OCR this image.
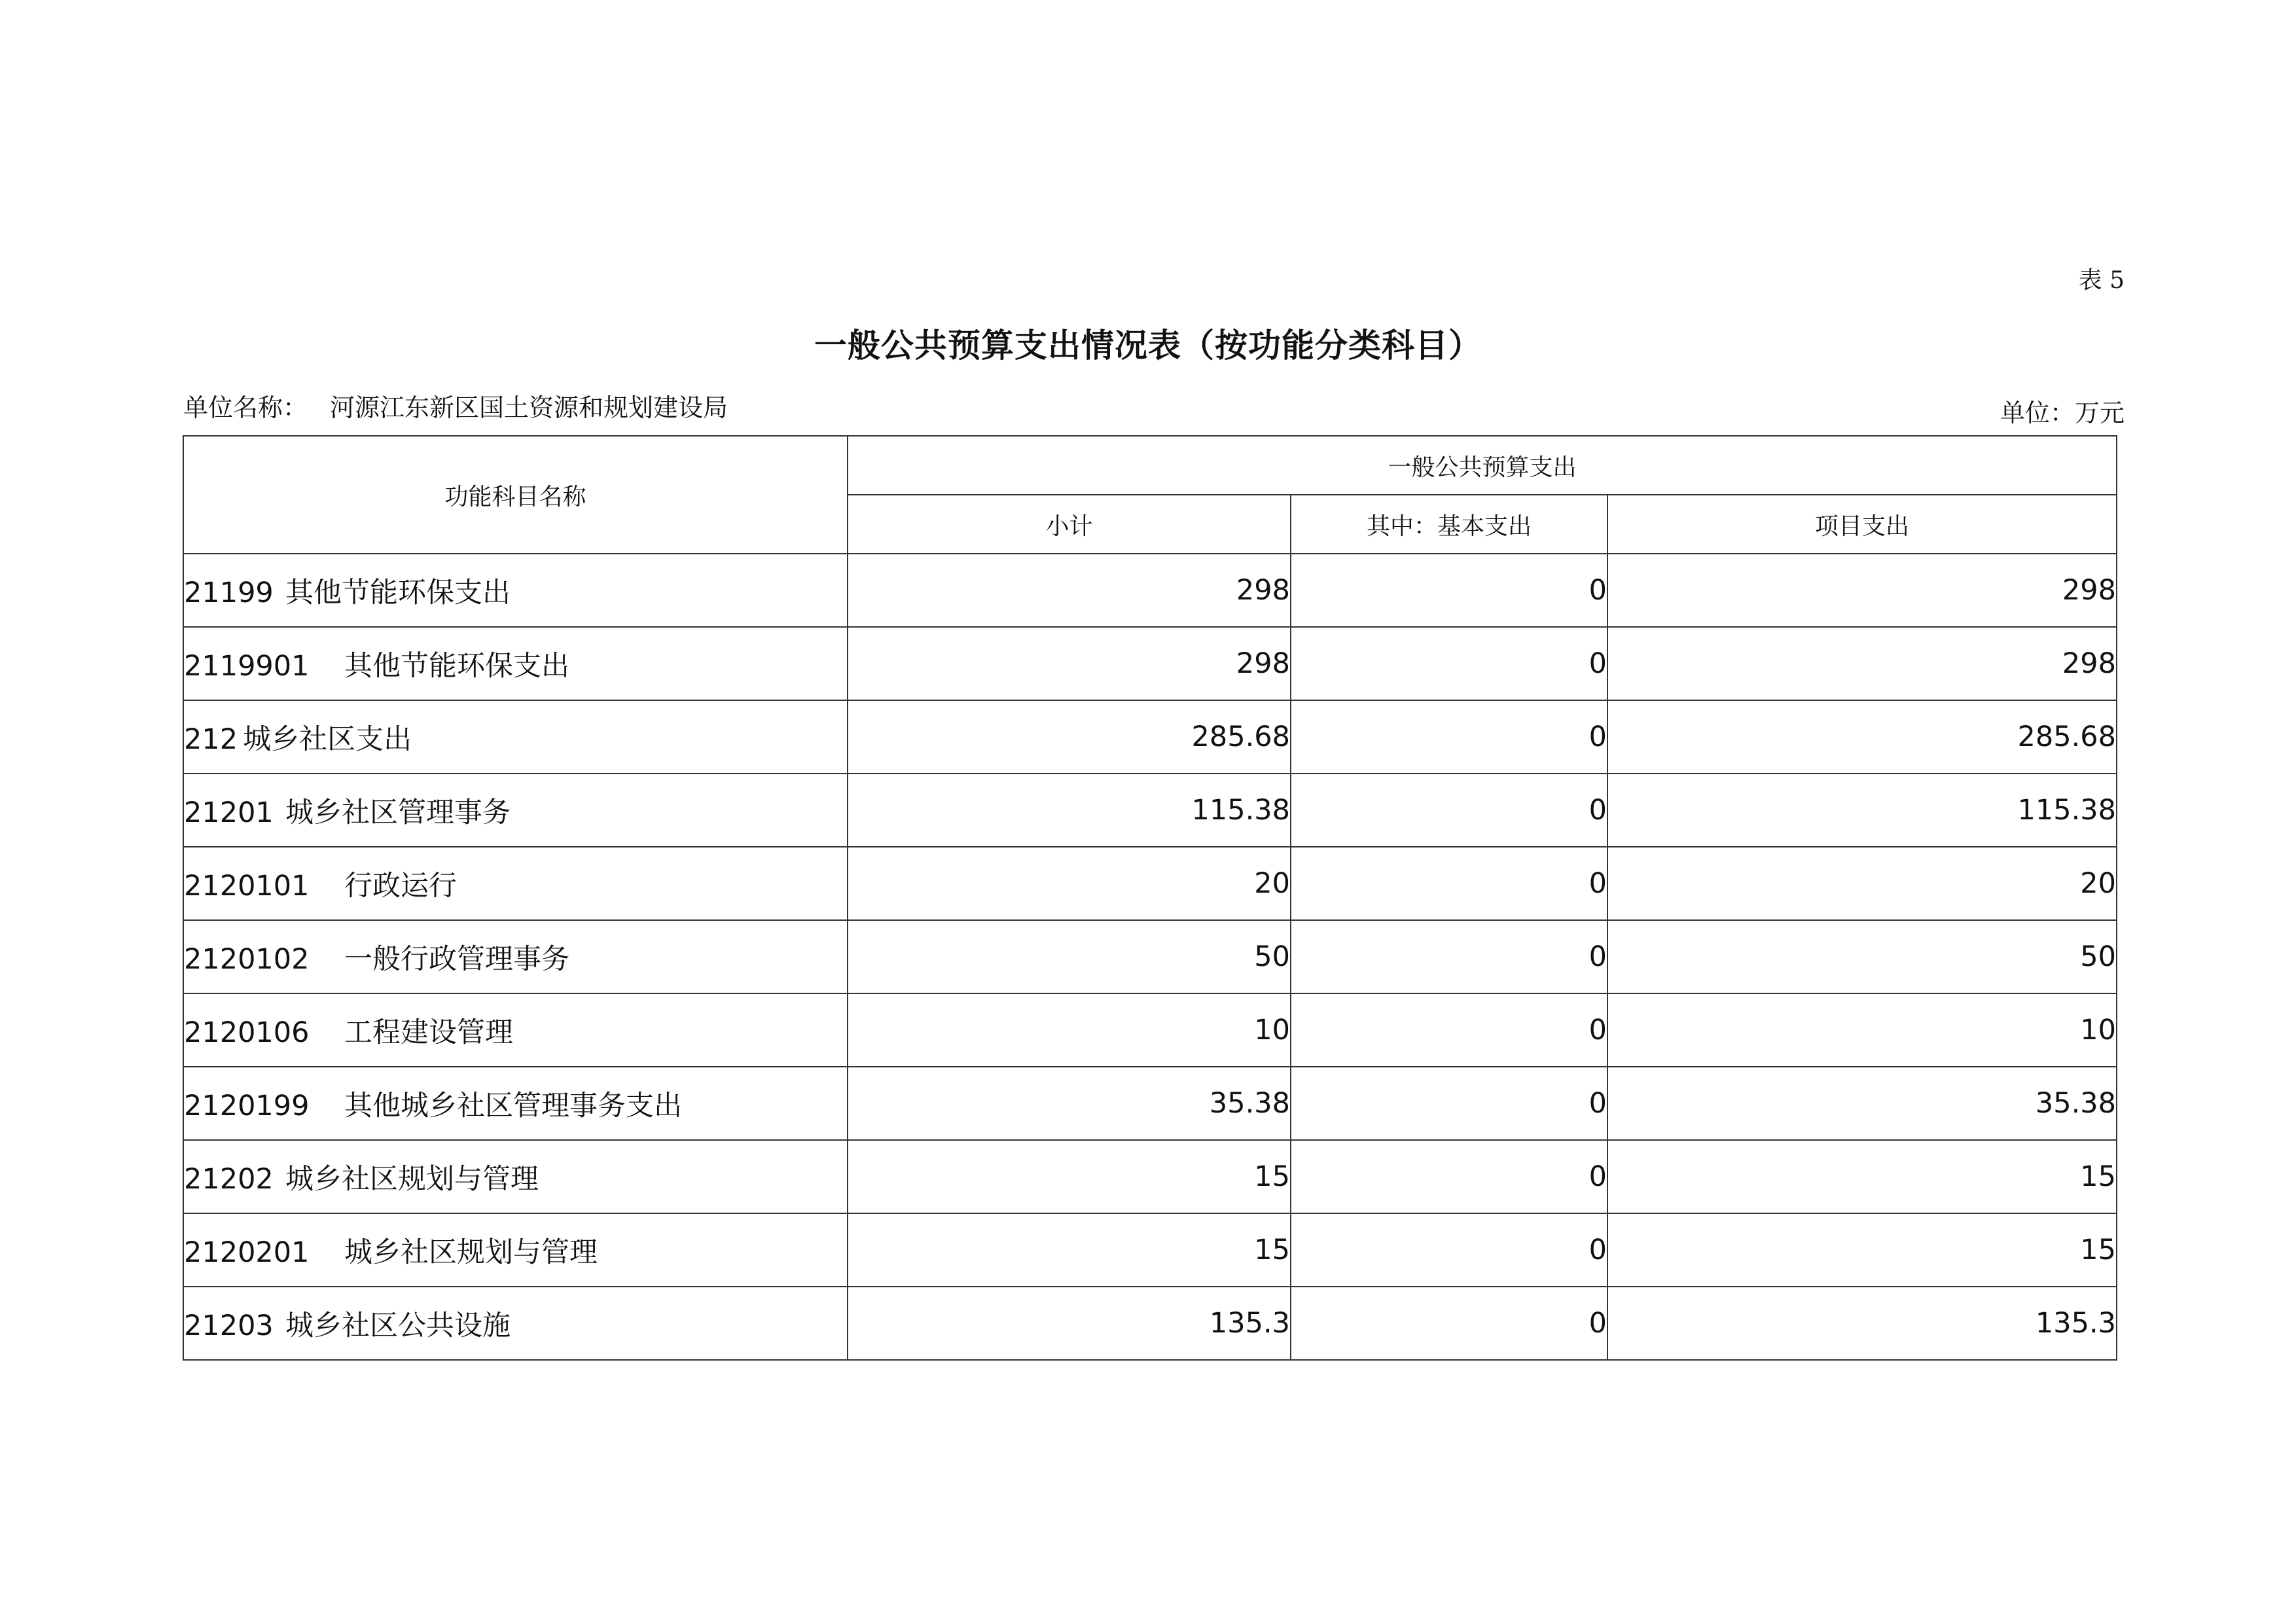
表 5
一般公共预算支出情况表（按功能分类科目）
单位名称： 河源江东新区国土资源和规划建设局	单位：万元
功能科目名称	一般公共预算支出		
	小计	其中：基本支出	项目支出
21199 其他节能环保支出	298	0	298
2119901 其他节能环保支出	298	0	298
212 城乡社区支出	285.68	0	285.68
21201 城乡社区管理事务	115.38	0	115.38
2120101 行政运行	20	0	20
2120102 一般行政管理事务	50	0	50
2120106 工程建设管理	10	0	10
2120199 其他城乡社区管理事务支出	35.38	0	35.38
21202 城乡社区规划与管理	15	0	15
2120201 城乡社区规划与管理	15	0	15
21203 城乡社区公共设施	135.3	0	135.3
